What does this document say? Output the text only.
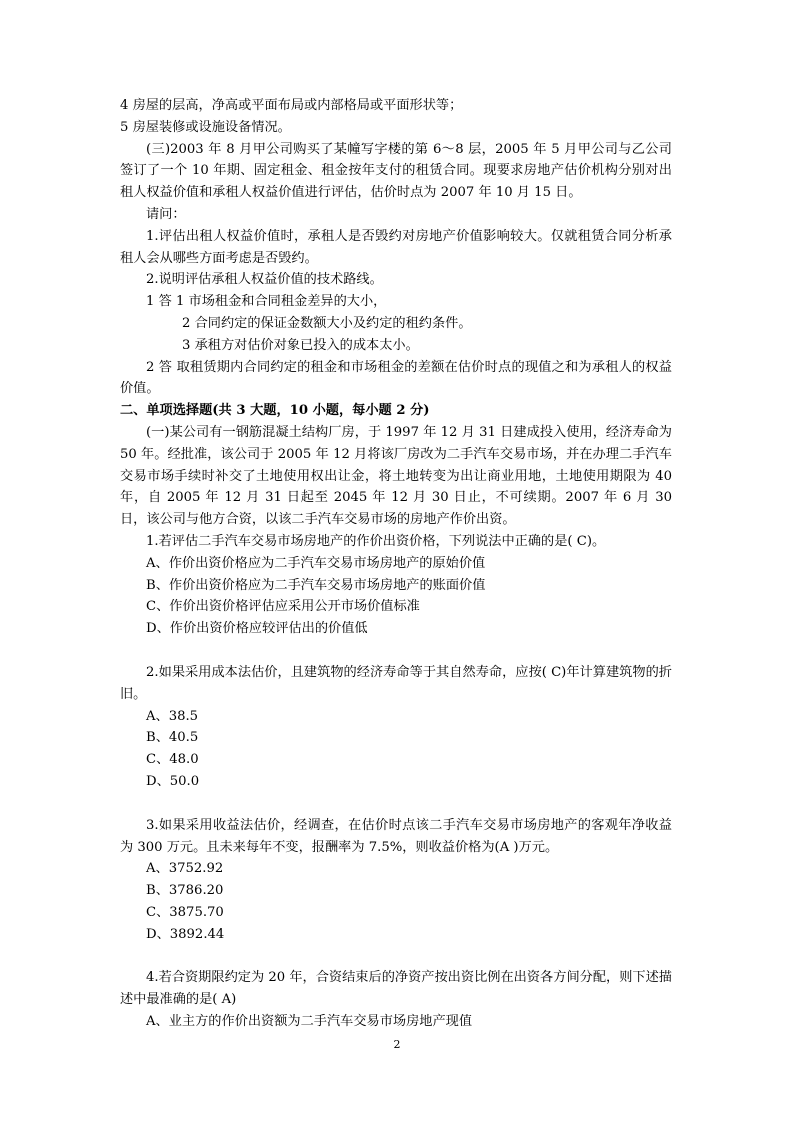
4 房屋的层高，净高或平面布局或内部格局或平面形状等；

5 房屋装修或设施设备情况。

(三)2003 年 8 月甲公司购买了某幢写字楼的第 6～8 层，2005 年 5 月甲公司与乙公司签订了一个 10 年期、固定租金、租金按年支付的租赁合同。现要求房地产估价机构分别对出租人权益价值和承租人权益价值进行评估，估价时点为 2007 年 10 月 15 日。

请问：

1.评估出租人权益价值时，承租人是否毁约对房地产价值影响较大。仅就租赁合同分析承租人会从哪些方面考虑是否毁约。

2.说明评估承租人权益价值的技术路线。

1 答 1 市场租金和合同租金差异的大小，

2 合同约定的保证金数额大小及约定的租约条件。

3 承租方对估价对象已投入的成本太小。

2 答 取租赁期内合同约定的租金和市场租金的差额在估价时点的现值之和为承租人的权益价值。

二、单项选择题(共 3 大题，10 小题，每小题 2 分)

(一)某公司有一钢筋混凝土结构厂房，于 1997 年 12 月 31 日建成投入使用，经济寿命为 50 年。经批准，该公司于 2005 年 12 月将该厂房改为二手汽车交易市场，并在办理二手汽车交易市场手续时补交了土地使用权出让金，将土地转变为出让商业用地，土地使用期限为 40 年，自 2005 年 12 月 31 日起至 2045 年 12 月 30 日止，不可续期。2007 年 6 月 30 日，该公司与他方合资，以该二手汽车交易市场的房地产作价出资。

1.若评估二手汽车交易市场房地产的作价出资价格，下列说法中正确的是( C)。

A、作价出资价格应为二手汽车交易市场房地产的原始价值

B、作价出资价格应为二手汽车交易市场房地产的账面价值

C、作价出资价格评估应采用公开市场价值标准

D、作价出资价格应较评估出的价值低

2.如果采用成本法估价，且建筑物的经济寿命等于其自然寿命，应按( C)年计算建筑物的折旧。

A、38.5

B、40.5

C、48.0

D、50.0

3.如果采用收益法估价，经调查，在估价时点该二手汽车交易市场房地产的客观年净收益为 300 万元。且未来每年不变，报酬率为 7.5%，则收益价格为(A )万元。

A、3752.92

B、3786.20

C、3875.70

D、3892.44

4.若合资期限约定为 20 年，合资结束后的净资产按出资比例在出资各方间分配，则下述描述中最准确的是( A)

A、业主方的作价出资额为二手汽车交易市场房地产现值

2
